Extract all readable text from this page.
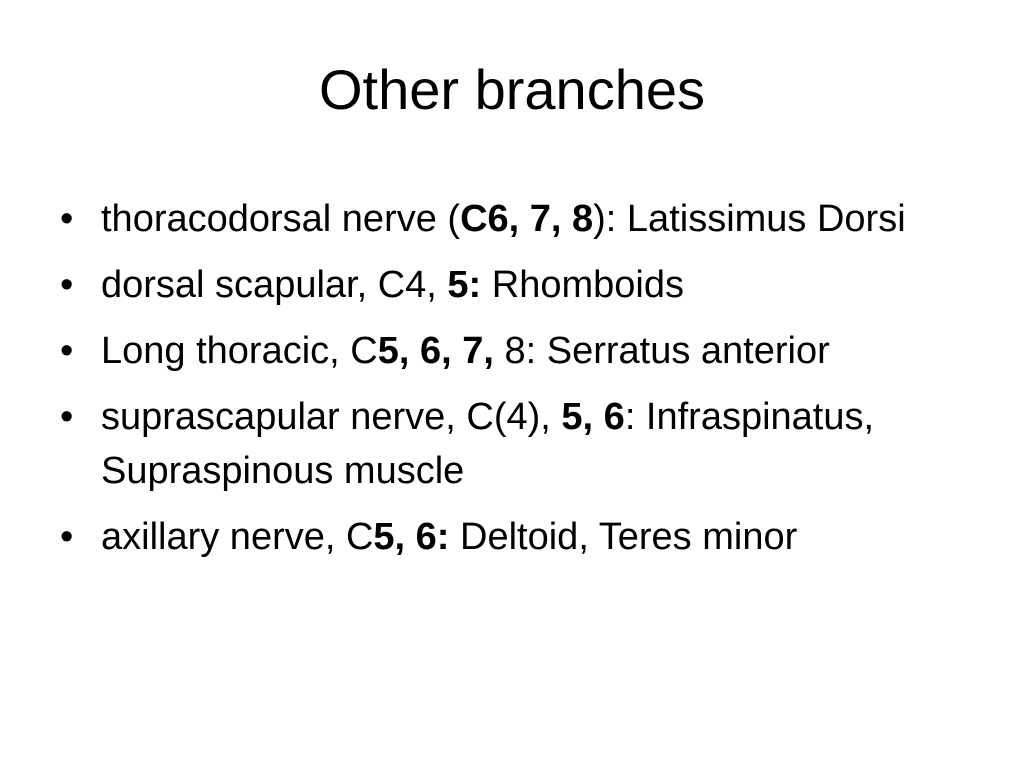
Other branches
• thoracodorsal nerve (C6, 7, 8): Latissimus Dorsi
• dorsal scapular, C4, 5: Rhomboids
• Long thoracic, C5, 6, 7, 8: Serratus anterior
• suprascapular nerve, C(4), 5, 6: Infraspinatus, Supraspinous muscle
• axillary nerve, C5, 6: Deltoid, Teres minor
